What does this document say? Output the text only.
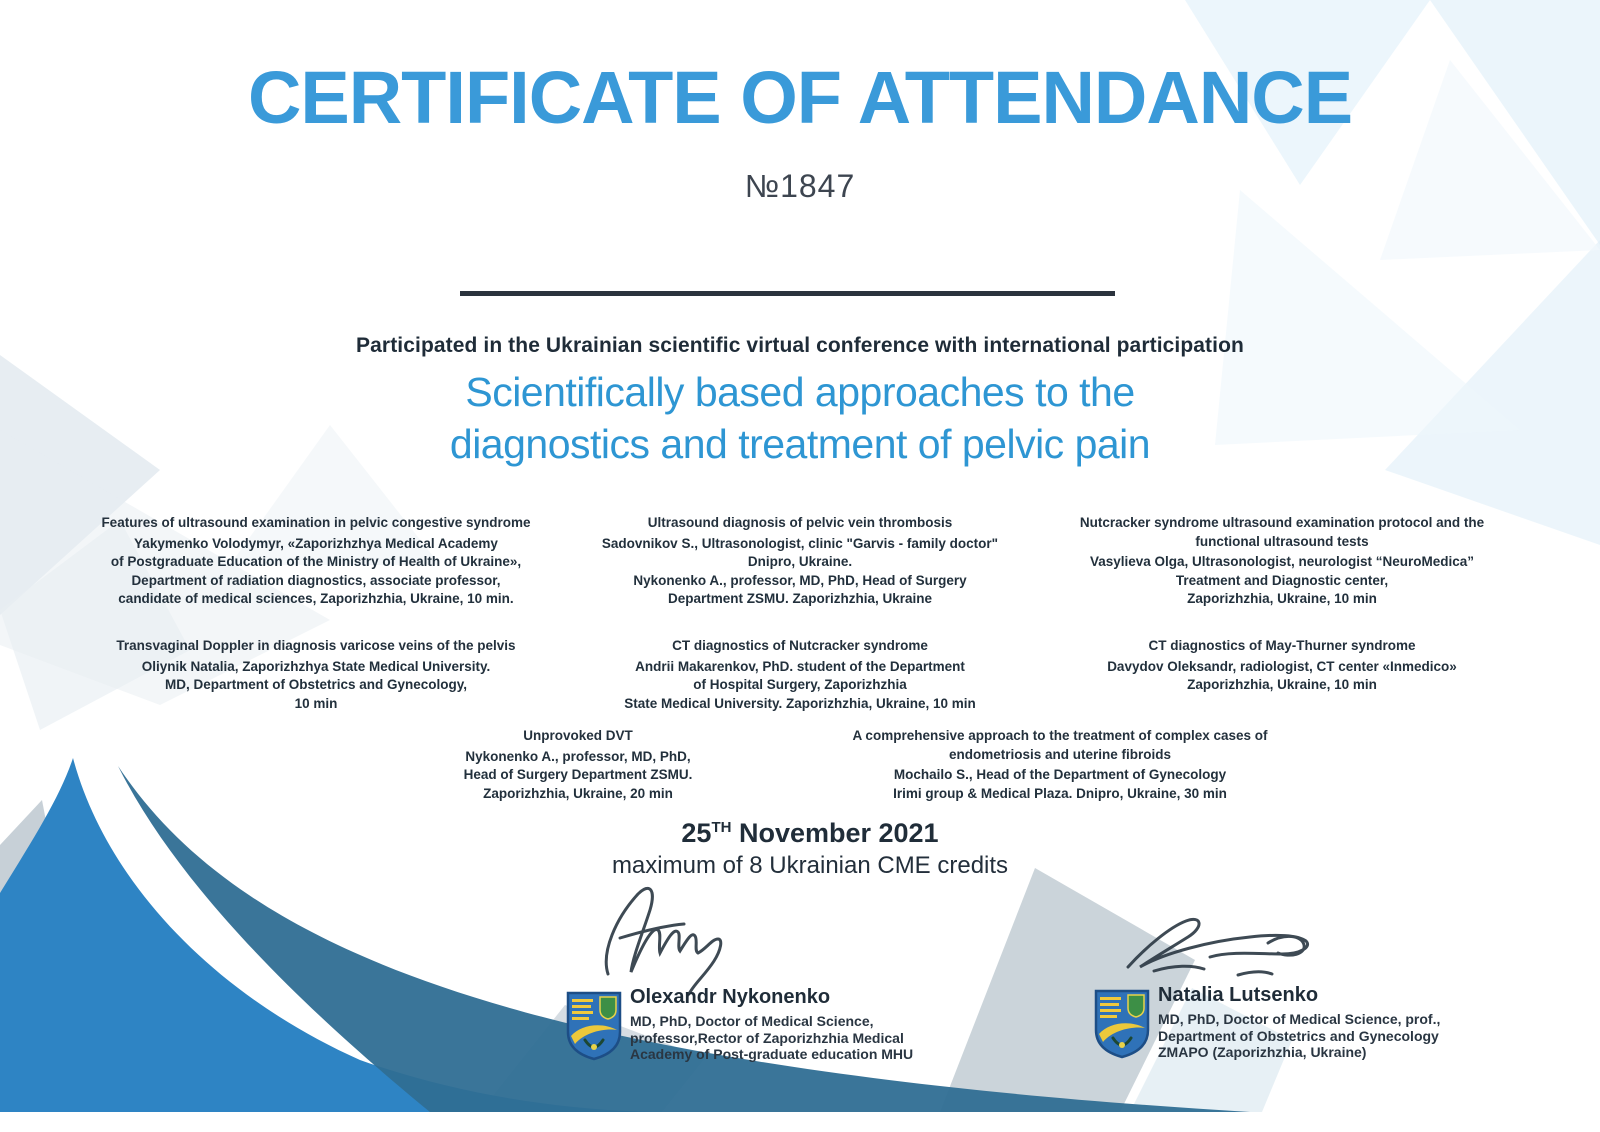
CERTIFICATE OF ATTENDANCE
№1847
Participated in the Ukrainian scientific virtual conference with international participation
Scientifically based approaches to the
diagnostics and treatment of pelvic pain
Features of ultrasound examination in pelvic congestive syndrome
Yakymenko Volodymyr, «Zaporizhzhya Medical Academy
of Postgraduate Education of the Ministry of Health of Ukraine»,
Department of radiation diagnostics, associate professor,
candidate of medical sciences, Zaporizhzhia, Ukraine, 10 min.
Ultrasound diagnosis of pelvic vein thrombosis
Sadovnikov S., Ultrasonologist, clinic "Garvis - family doctor"
Dnipro, Ukraine.
Nykonenko A., professor, MD, PhD, Head of Surgery
Department ZSMU. Zaporizhzhia, Ukraine
Nutcracker syndrome ultrasound examination protocol and the functional ultrasound tests
Vasylieva Olga, Ultrasonologist, neurologist “NeuroMedica”
Treatment and Diagnostic center,
Zaporizhzhia, Ukraine, 10 min
Transvaginal Doppler in diagnosis varicose veins of the pelvis
Oliynik Natalia, Zaporizhzhya State Medical University.
MD, Department of Obstetrics and Gynecology,
10 min
CT diagnostics of Nutcracker syndrome
Andrii Makarenkov, PhD. student of the Department
of Hospital Surgery, Zaporizhzhia
State Medical University. Zaporizhzhia, Ukraine, 10 min
CT diagnostics of May-Thurner syndrome
Davydov Oleksandr, radiologist, CT center «Inmedico»
Zaporizhzhia, Ukraine, 10 min
Unprovoked DVT
Nykonenko A., professor, MD, PhD,
Head of Surgery Department ZSMU.
Zaporizhzhia, Ukraine, 20 min
A comprehensive approach to the treatment of complex cases of endometriosis and uterine fibroids
Mochailo S., Head of the Department of Gynecology
Irimi group & Medical Plaza. Dnipro, Ukraine, 30 min
25TH November 2021
maximum of 8 Ukrainian CME credits

Olexandr Nykonenko

MD, PhD, Doctor of Medical Science,
professor,Rector of Zaporizhzhia Medical
Academy of Post-graduate education MHU

Natalia Lutsenko

MD, PhD, Doctor of Medical Science, prof.,
Department of Obstetrics and Gynecology
ZMAPO (Zaporizhzhia, Ukraine)
